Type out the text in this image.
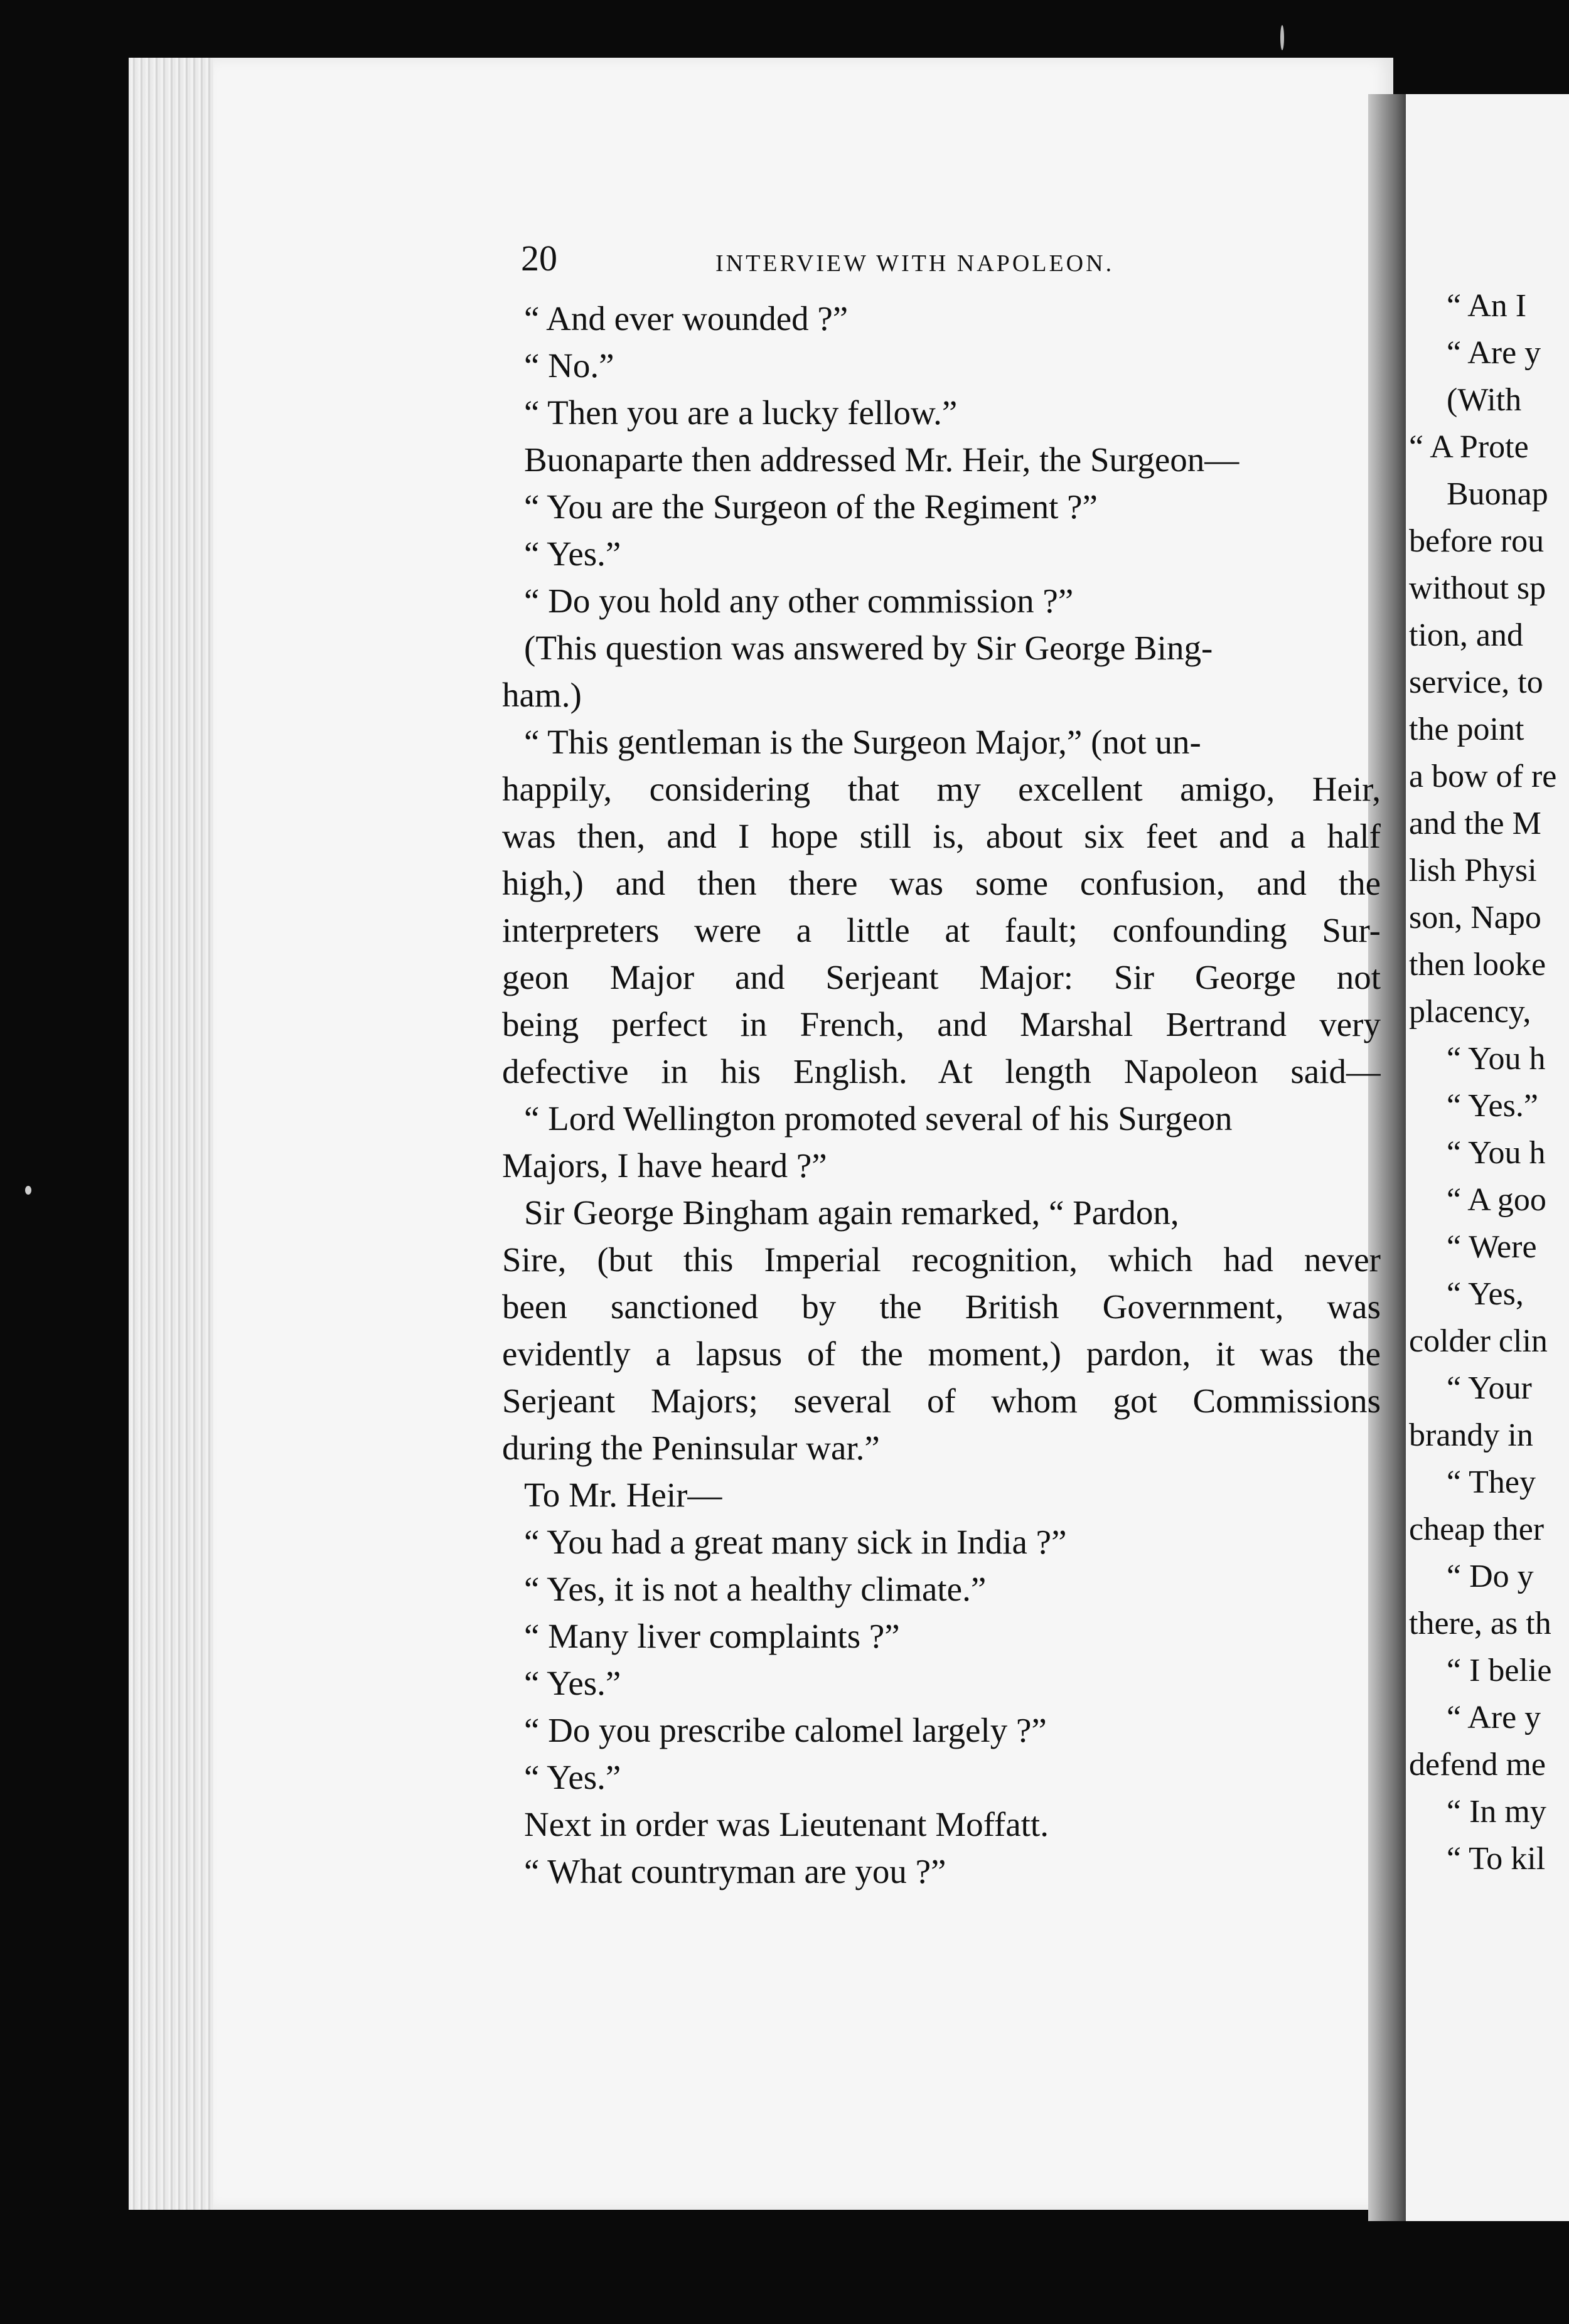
20	INTERVIEW WITH NAPOLEON.
“ And ever wounded ?”
“ No.”
“ Then you are a lucky fellow.”
Buonaparte then addressed Mr. Heir, the Surgeon—
“ You are the Surgeon of the Regiment ?”
“ Yes.”
“ Do you hold any other commission ?”
(This question was answered by Sir George Bing-
ham.)
“ This gentleman is the Surgeon Major,” (not un-
happily, considering that my excellent amigo, Heir,
was then, and I hope still is, about six feet and a half
high,) and then there was some confusion, and the
interpreters were a little at fault; confounding Sur-
geon Major and Serjeant Major: Sir George not
being perfect in French, and Marshal Bertrand very
defective in his English. At length Napoleon said—
“ Lord Wellington promoted several of his Surgeon
Majors, I have heard ?”
Sir George Bingham again remarked, “ Pardon,
Sire, (but this Imperial recognition, which had never
been sanctioned by the British Government, was
evidently a lapsus of the moment,) pardon, it was the
Serjeant Majors; several of whom got Commissions
during the Peninsular war.”
To Mr. Heir—
“ You had a great many sick in India ?”
“ Yes, it is not a healthy climate.”
“ Many liver complaints ?”
“ Yes.”
“ Do you prescribe calomel largely ?”
“ Yes.”
Next in order was Lieutenant Moffatt.
“ What countryman are you ?”
“ An I
“ Are y
(With
“ A Prote
Buonap
before rou
without sp
tion, and
service, to
the point
a bow of re
and the M
lish Physi
son, Napo
then looke
placency,
“ You h
“ Yes.”
“ You h
“ A goo
“ Were
“ Yes,
colder clin
“ Your
brandy in
“ They
cheap ther
“ Do y
there, as th
“ I belie
“ Are y
defend me
“ In my
“ To kil
